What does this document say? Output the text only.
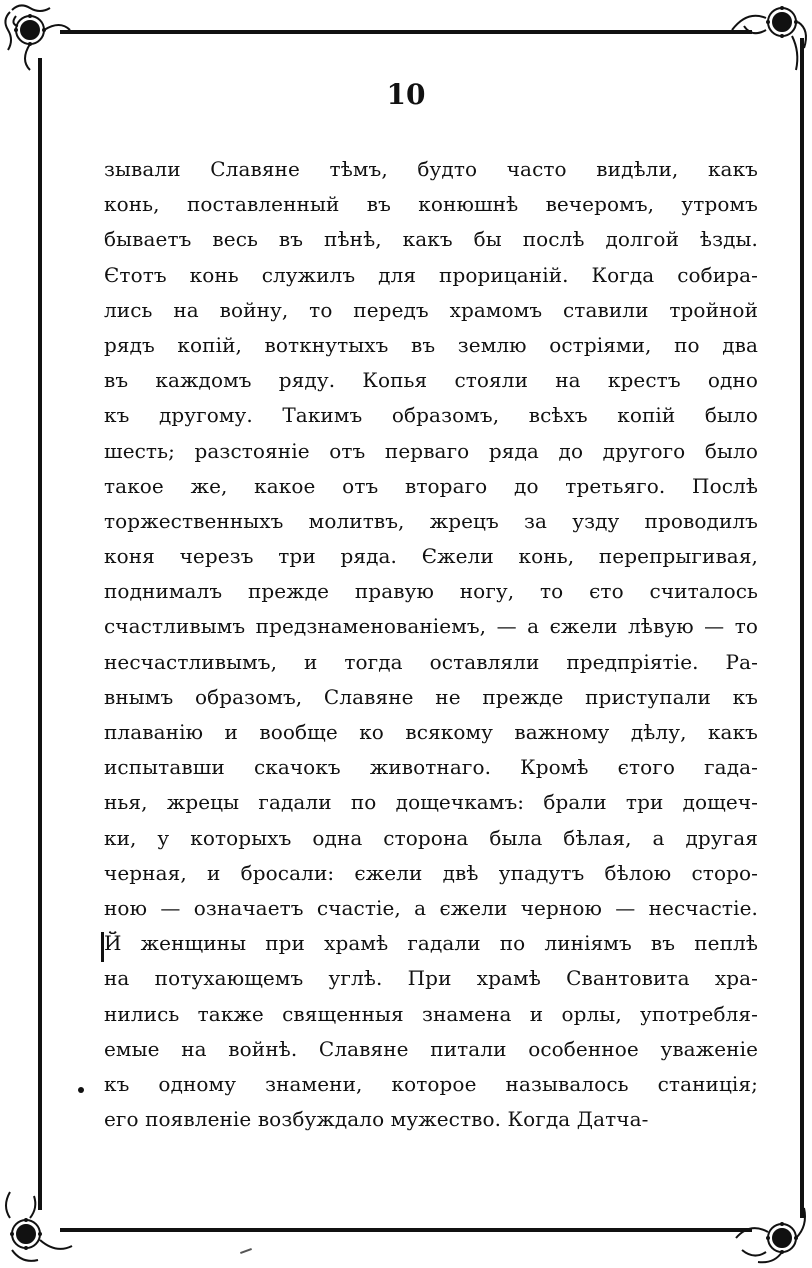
10
зывали Славяне тѣмъ, будто часто видѣли, какъ
конь, поставленный въ конюшнѣ вечеромъ, утромъ
бываетъ весь въ пѣнѣ, какъ бы послѣ долгой ѣзды.
Єтотъ конь служилъ для прорицаній. Когда собира-
лись на войну, то передъ храмомъ ставили тройной
рядъ копій, воткнутыхъ въ землю остріями, по два
въ каждомъ ряду. Копья стояли на крестъ одно
къ другому. Такимъ образомъ, всѣхъ копій было
шесть; разстояніе отъ перваго ряда до другого было
такое же, какое отъ втораго до третьяго. Послѣ
торжественныхъ молитвъ, жрецъ за узду проводилъ
коня черезъ три ряда. Єжели конь, перепрыгивая,
поднималъ прежде правую ногу, то єто считалось
счастливымъ предзнаменованіемъ, — а єжели лѣвую — то
несчастливымъ, и тогда оставляли предпріятіе. Ра-
внымъ образомъ, Славяне не прежде приступали къ
плаванію и вообще ко всякому важному дѣлу, какъ
испытавши скачокъ животнаго. Кромѣ єтого гада-
нья, жрецы гадали по дощечкамъ: брали три дощеч-
ки, у которыхъ одна сторона была бѣлая, а другая
черная, и бросали: єжели двѣ упадутъ бѣлою сторо-
ною — означаетъ счастіе, а єжели черною — несчастіе.
Й женщины при храмѣ гадали по линіямъ въ пеплѣ
на потухающемъ углѣ. При храмѣ Свантовита хра-
нились также священныя знамена и орлы, употребля-
емые на войнѣ. Славяне питали особенное уваженіе
къ одному знамени, которое называлось станиція;
его появленіе возбуждало мужество. Когда Датча-
